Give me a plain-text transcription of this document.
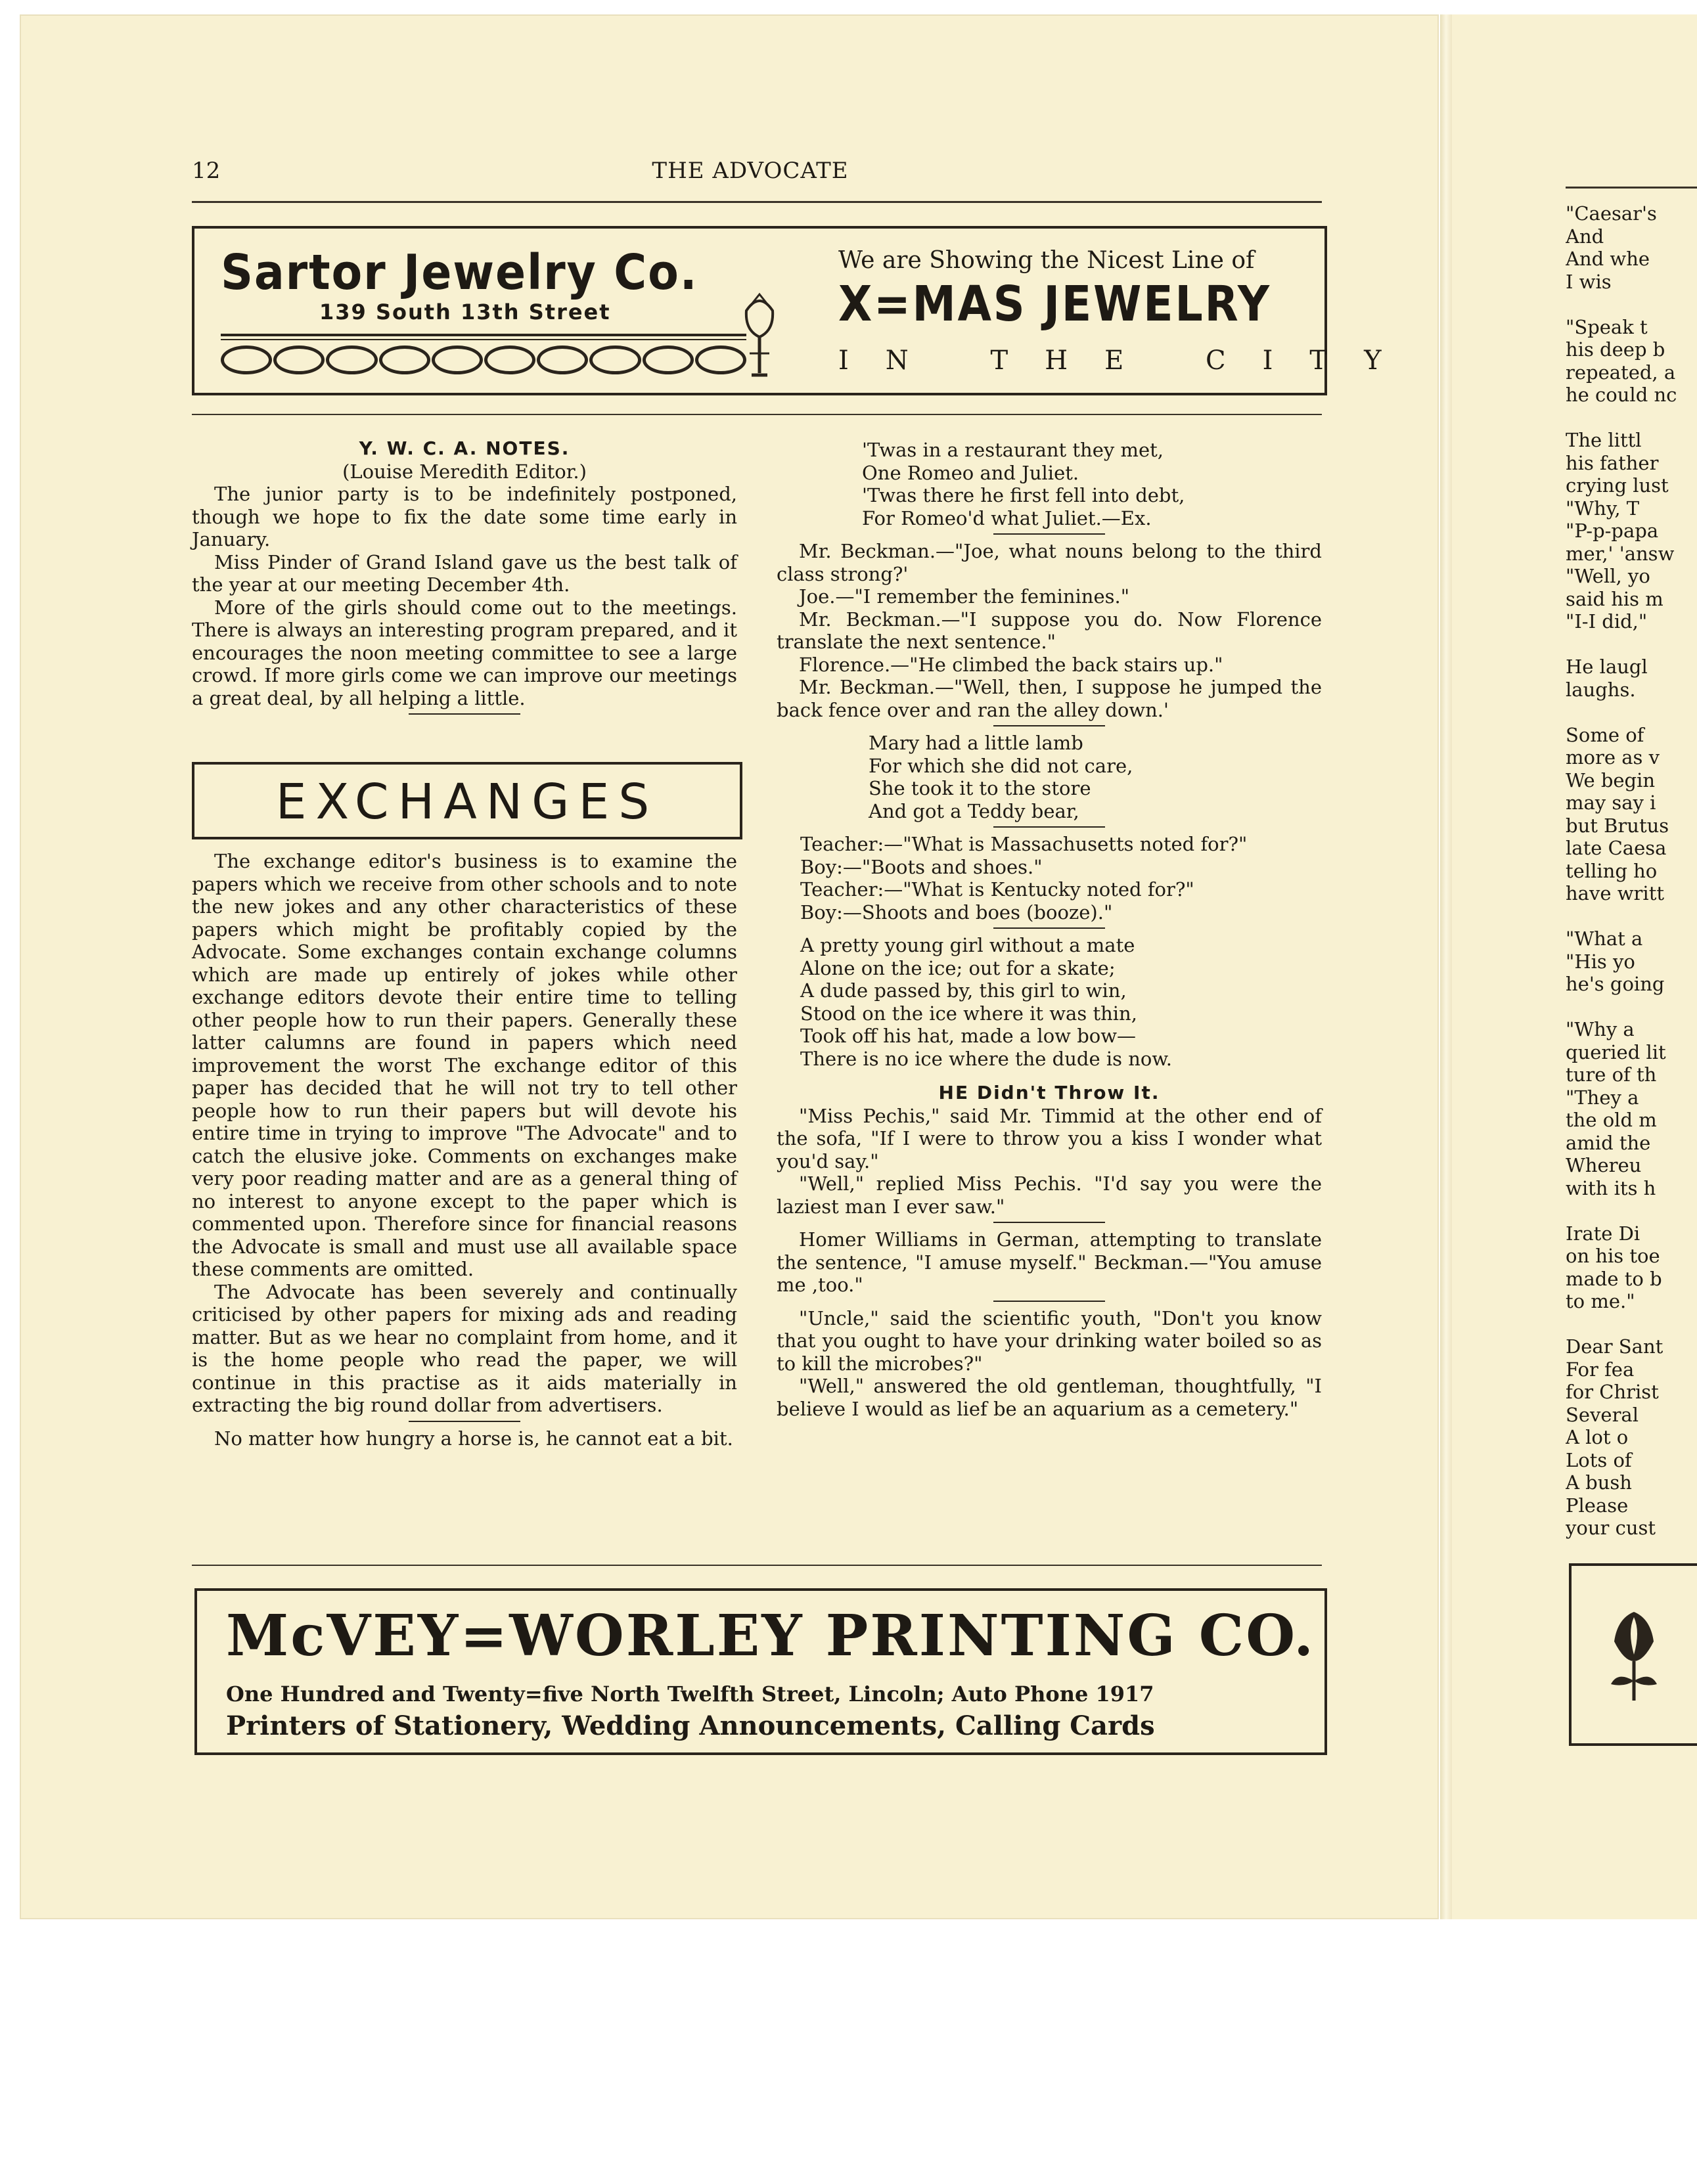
12	THE ADVOCATE
Sartor Jewelry Co.
139 South 13th Street
We are Showing the Nicest Line of
X=MAS JEWELRY
IN THE CITY
Y. W. C. A. NOTES.

(Louise Meredith Editor.)

The junior party is to be indefinitely postponed, though we hope to fix the date some time early in January.

Miss Pinder of Grand Island gave us the best talk of the year at our meeting December 4th.

More of the girls should come out to the meetings. There is always an interesting program prepared, and it encourages the noon meeting committee to see a large crowd. If more girls come we can improve our meetings a great deal, by all helping a little.

EXCHANGES

The exchange editor's business is to examine the papers which we receive from other schools and to note the new jokes and any other characteristics of these papers which might be profitably copied by the Advocate. Some exchanges contain exchange columns which are made up entirely of jokes while other exchange editors devote their entire time to telling other people how to run their papers. Generally these latter calumns are found in papers which need improvement the worst The exchange editor of this paper has decided that he will not try to tell other people how to run their papers but will devote his entire time in trying to improve "The Advocate" and to catch the elusive joke. Comments on exchanges make very poor reading matter and are as a general thing of no interest to anyone except to the paper which is commented upon. Therefore since for financial reasons the Advocate is small and must use all available space these comments are omitted.

The Advocate has been severely and continually criticised by other papers for mixing ads and reading matter. But as we hear no complaint from home, and it is the home people who read the paper, we will continue in this practise as it aids materially in extracting the big round dollar from advertisers.

No matter how hungry a horse is, he cannot eat a bit.

'Twas in a restaurant they met,

One Romeo and Juliet.

'Twas there he first fell into debt,

For Romeo'd what Juliet.—Ex.

Mr. Beckman.—"Joe, what nouns belong to the third class strong?'

Joe.—"I remember the feminines."

Mr. Beckman.—"I suppose you do. Now Florence translate the next sentence."

Florence.—"He climbed the back stairs up."

Mr. Beckman.—"Well, then, I suppose he jumped the back fence over and ran the alley down.'

Mary had a little lamb

For which she did not care,

She took it to the store

And got a Teddy bear,

Teacher:—"What is Massachusetts noted for?"

Boy:—"Boots and shoes."

Teacher:—"What is Kentucky noted for?"

Boy:—Shoots and boes (booze)."

A pretty young girl without a mate

Alone on the ice; out for a skate;

A dude passed by, this girl to win,

Stood on the ice where it was thin,

Took off his hat, made a low bow—

There is no ice where the dude is now.

HE Didn't Throw It.

"Miss Pechis," said Mr. Timmid at the other end of the sofa, "If I were to throw you a kiss I wonder what you'd say."

"Well," replied Miss Pechis. "I'd say you were the laziest man I ever saw."

Homer Williams in German, attempting to translate the sentence, "I amuse myself." Beckman.—"You amuse me ,too."

"Uncle," said the scientific youth, "Don't you know that you ought to have your drinking water boiled so as to kill the microbes?"

"Well," answered the old gentleman, thoughtfully, "I believe I would as lief be an aquarium as a cemetery."

McVEY=WORLEY PRINTING CO.
One Hundred and Twenty=five North Twelfth Street, Lincoln; Auto Phone 1917
Printers of Stationery, Wedding Announcements, Calling Cards
"Caesar's
And
And whe
I wis
"Speak t
his deep b
repeated, a
he could nc
The littl
his father
crying lust
"Why, T
"P-p-papa
mer,' 'answ
"Well, yo
said his m
"I-I did,"
He laugl
laughs.
Some of
more as v
We begin
may say i
but Brutus
late Caesa
telling ho
have writt
"What a
"His yo
he's going
"Why a
queried lit
ture of th
"They a
the old m
amid the
Whereu
with its h
Irate Di
on his toe
made to b
to me."
Dear Sant
For fea
for Christ
Several
A lot o
Lots of
A bush
Please
your cust
